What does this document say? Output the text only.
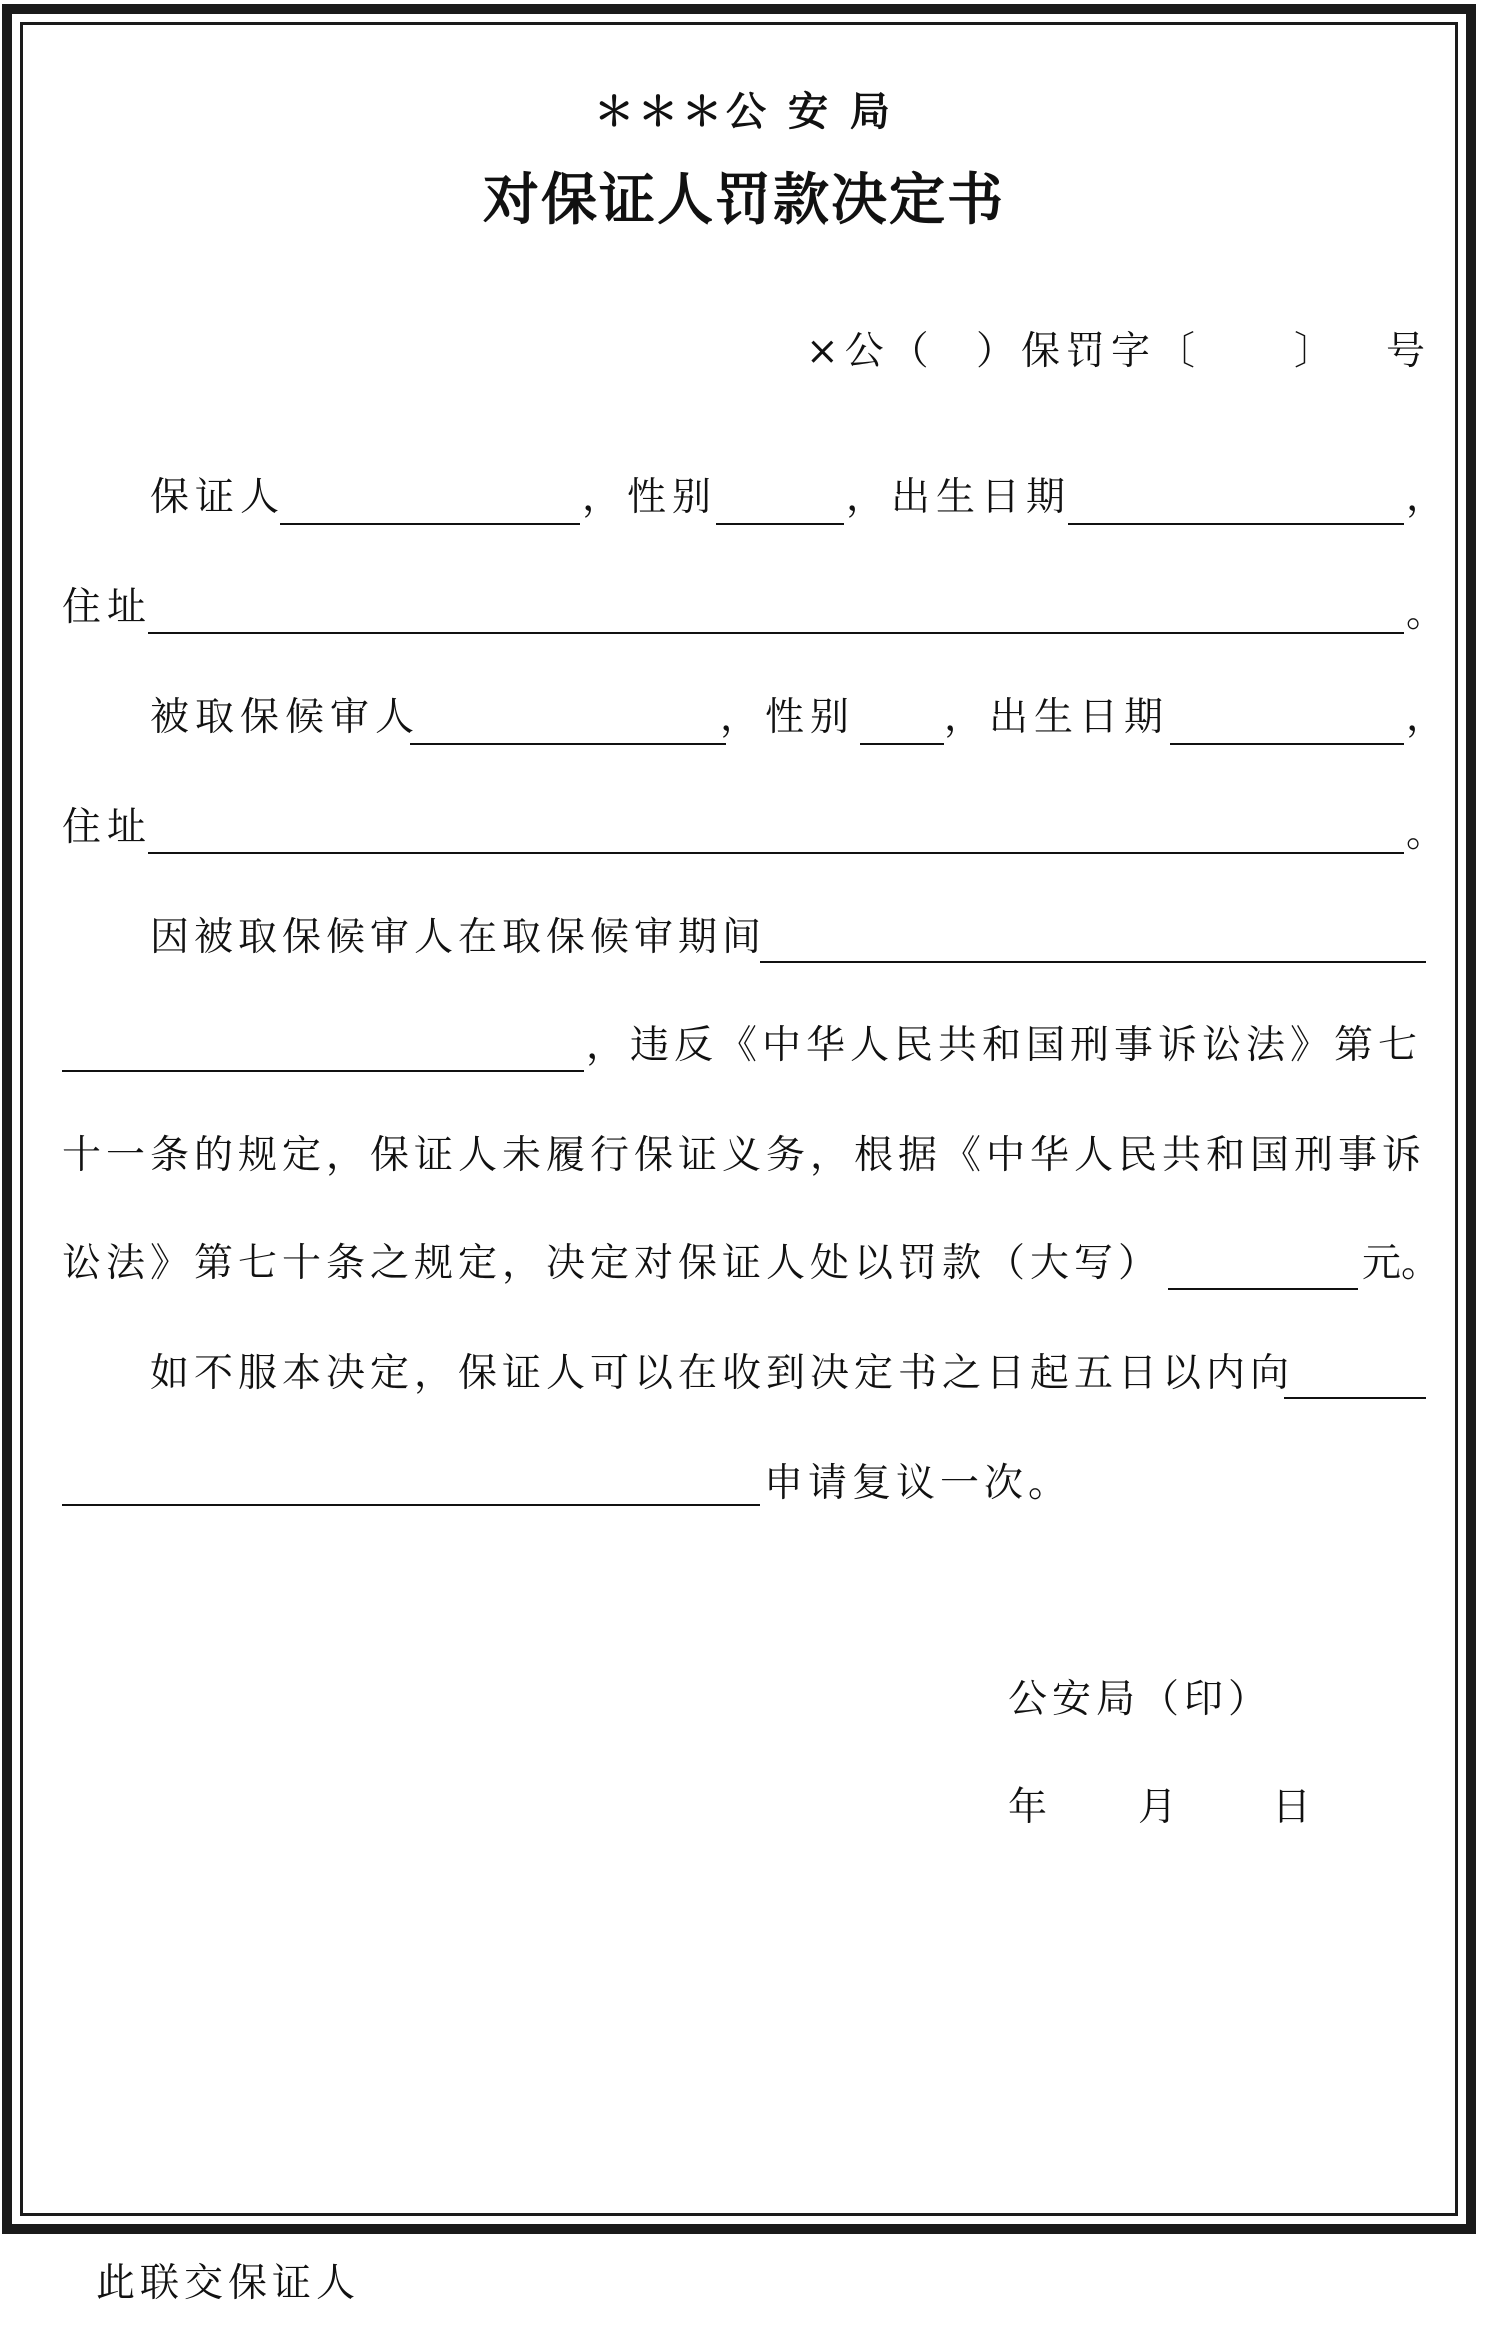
＊＊＊公 安 局
对保证人罚款决定书
×公（ ）保罚字〔 〕 号
保证人	，性别	，出生日期	，
住址	。
被取保候审人	，性别 ，出生日期	，
住址	。
因被取保候审人在取保候审期间
，违反《中华人民共和国刑事诉讼法》第七
十一条的规定，保证人未履行保证义务，根据《中华人民共和国刑事诉
讼法》第七十条之规定，决定对保证人处以罚款（大写）	元。
如不服本决定，保证人可以在收到决定书之日起五日以内向
申请复议一次。
公安局（印）
年 月 日
此联交保证人
